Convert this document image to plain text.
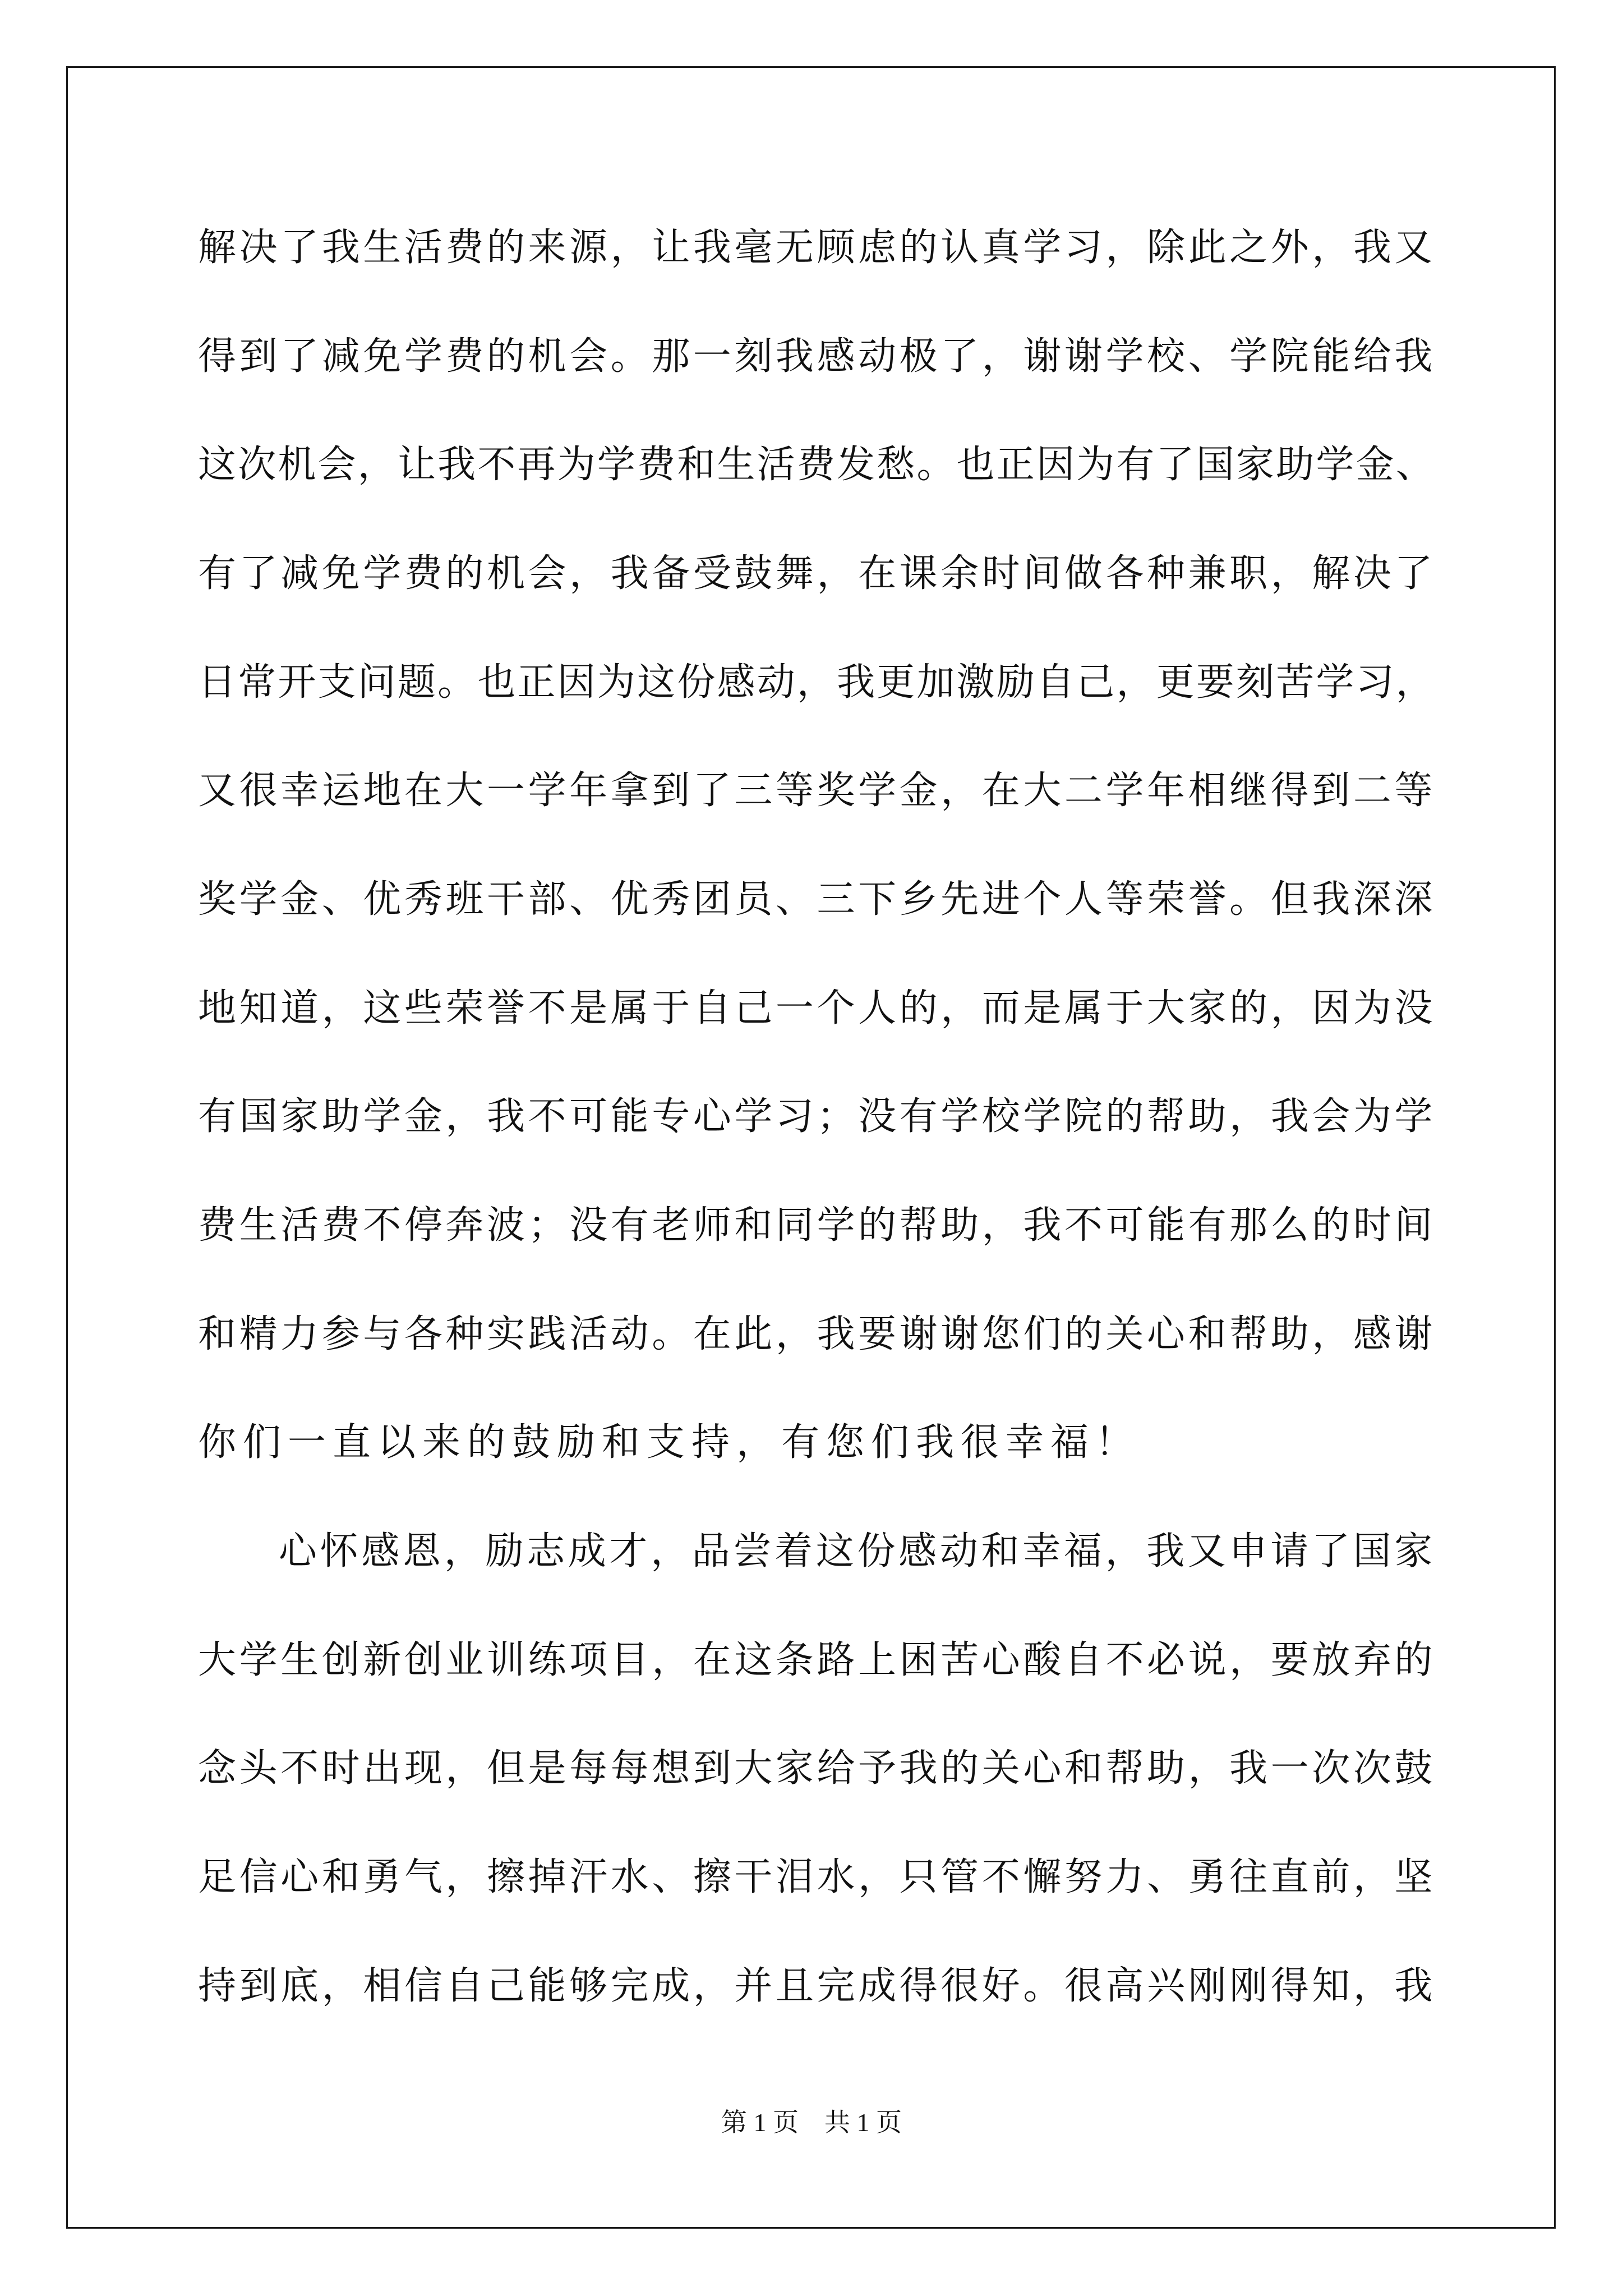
解决了我生活费的来源，让我毫无顾虑的认真学习，除此之外，我又
得到了减免学费的机会。那一刻我感动极了，谢谢学校、学院能给我
这次机会，让我不再为学费和生活费发愁。也正因为有了国家助学金、
有了减免学费的机会，我备受鼓舞，在课余时间做各种兼职，解决了
日常开支问题。也正因为这份感动，我更加激励自己，更要刻苦学习，
又很幸运地在大一学年拿到了三等奖学金，在大二学年相继得到二等
奖学金、优秀班干部、优秀团员、三下乡先进个人等荣誉。但我深深
地知道，这些荣誉不是属于自己一个人的，而是属于大家的，因为没
有国家助学金，我不可能专心学习；没有学校学院的帮助，我会为学
费生活费不停奔波；没有老师和同学的帮助，我不可能有那么的时间
和精力参与各种实践活动。在此，我要谢谢您们的关心和帮助，感谢
你们一直以来的鼓励和支持，有您们我很幸福！
心怀感恩，励志成才，品尝着这份感动和幸福，我又申请了国家
大学生创新创业训练项目，在这条路上困苦心酸自不必说，要放弃的
念头不时出现，但是每每想到大家给予我的关心和帮助，我一次次鼓
足信心和勇气，擦掉汗水、擦干泪水，只管不懈努力、勇往直前，坚
持到底，相信自己能够完成，并且完成得很好。很高兴刚刚得知，我
第 1 页　共 1 页
